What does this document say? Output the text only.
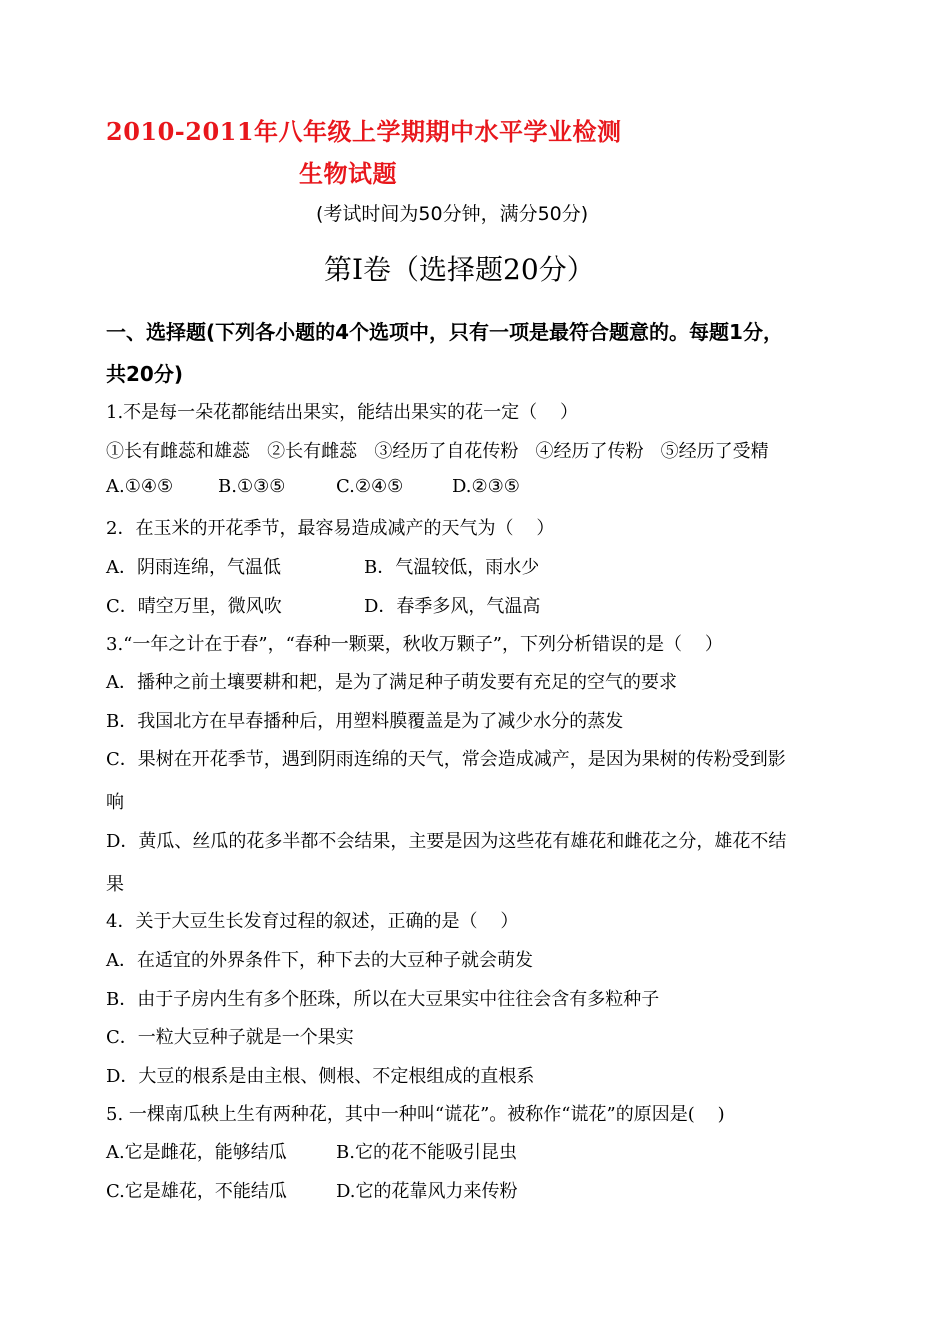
2010-2011年八年级上学期期中水平学业检测
生物试题
(考试时间为50分钟，满分50分)
第Ⅰ卷（选择题20分）
一、选择题(下列各小题的4个选项中，只有一项是最符合题意的。每题1分，
共20分)
1.不是每一朵花都能结出果实，能结出果实的花一定（    ）
①长有雌蕊和雄蕊   ②长有雌蕊   ③经历了自花传粉   ④经历了传粉   ⑤经历了受精
A.①④⑤ B.①③⑤	C.②④⑤	D.②③⑤
2．在玉米的开花季节，最容易造成减产的天气为（    ）
A．阴雨连绵，气温低	B．气温较低，雨水少
C．晴空万里，微风吹	D．春季多风，气温高
3.“一年之计在于春”，“春种一颗粟，秋收万颗子”，下列分析错误的是（    ）
A．播种之前土壤要耕和耙，是为了满足种子萌发要有充足的空气的要求
B．我国北方在早春播种后，用塑料膜覆盖是为了减少水分的蒸发
C．果树在开花季节，遇到阴雨连绵的天气，常会造成减产，是因为果树的传粉受到影
响
D．黄瓜、丝瓜的花多半都不会结果，主要是因为这些花有雄花和雌花之分，雄花不结
果
4．关于大豆生长发育过程的叙述，正确的是（    ）
A．在适宜的外界条件下，种下去的大豆种子就会萌发
B．由于子房内生有多个胚珠，所以在大豆果实中往往会含有多粒种子
C．一粒大豆种子就是一个果实
D．大豆的根系是由主根、侧根、不定根组成的直根系
5. 一棵南瓜秧上生有两种花，其中一种叫“谎花”。被称作“谎花”的原因是(    )
A.它是雌花，能够结瓜	B.它的花不能吸引昆虫
C.它是雄花，不能结瓜	D.它的花靠风力来传粉
